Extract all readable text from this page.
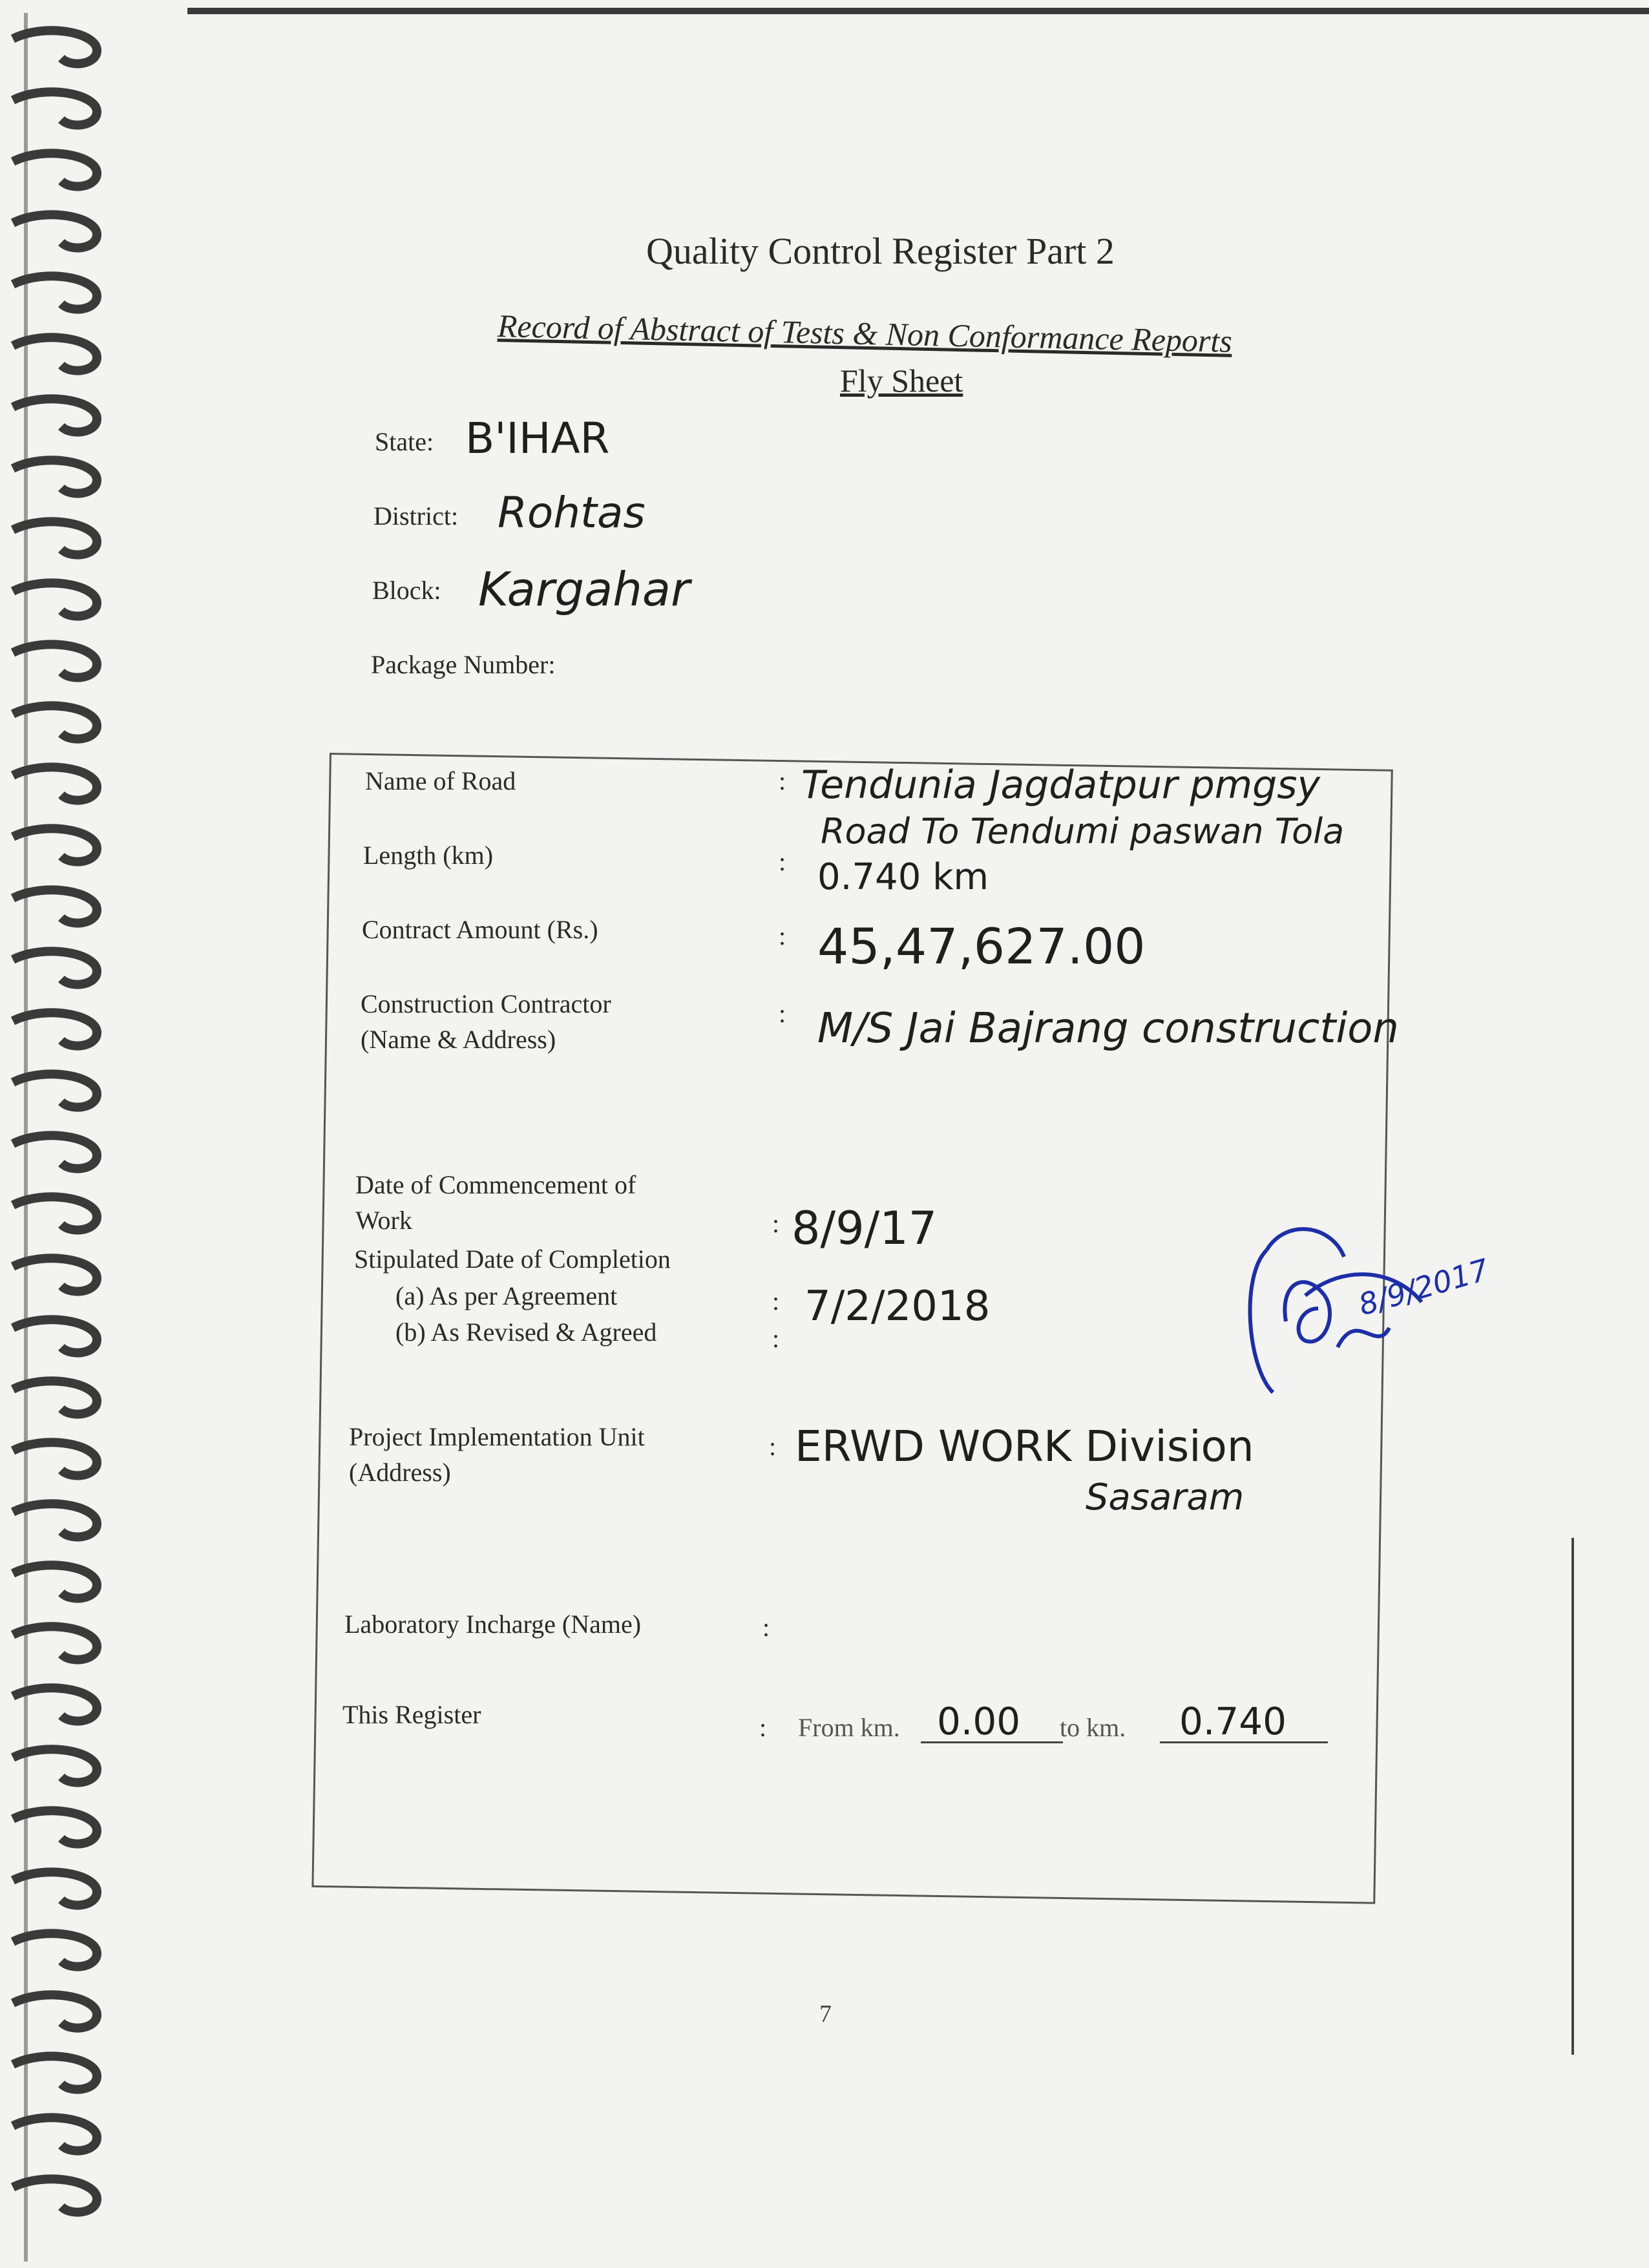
Quality Control Register Part 2
Record of Abstract of Tests & Non Conformance Reports
Fly Sheet
State: B'IHAR
District: Rohtas
Block: Kargahar
Package Number:
Name of Road	: Tendunia Jagdatpur pmgsy
Road To Tendumi paswan Tola
Length (km)	: 0.740 km
Contract Amount (Rs.)	: 45,47,627.00
Construction Contractor
(Name & Address)
: M/S Jai Bajrang construction
Date of Commencement of
Work	: 8/9/17
Stipulated Date of Completion
(a) As per Agreement	: 7/2/2018
(b) As Revised & Agreed	:
Project Implementation Unit
(Address)
: ERWD WORK Division
Sasaram
Laboratory Incharge (Name)	:
This Register	: From km. 0.00 to km. 0.740
8/9/2017
7
